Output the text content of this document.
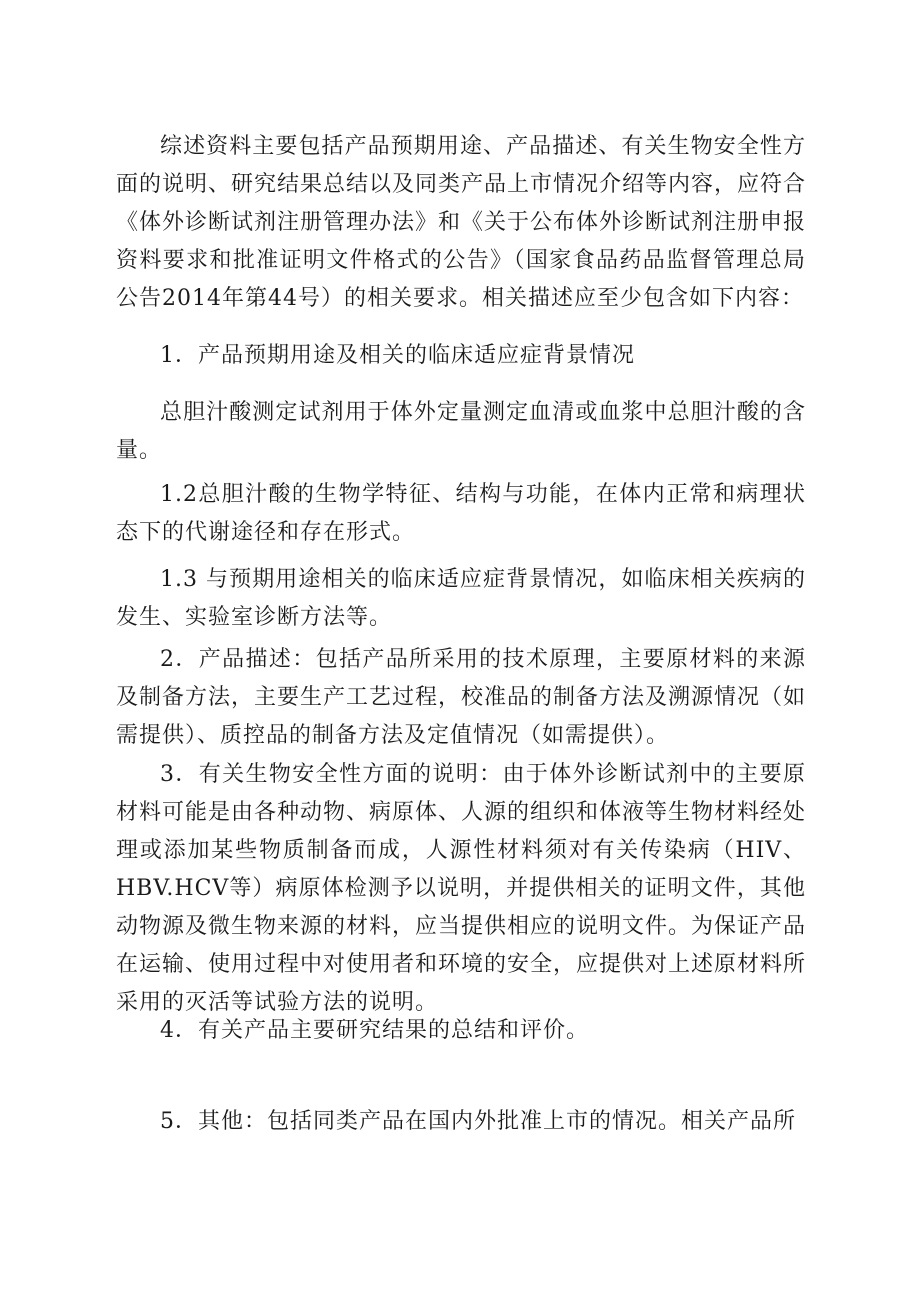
综述资料主要包括产品预期用途、产品描述、有关生物安全性方面的说明、研究结果总结以及同类产品上市情况介绍等内容，应符合《体外诊断试剂注册管理办法》和《关于公布体外诊断试剂注册申报资料要求和批准证明文件格式的公告》（国家食品药品监督管理总局公告2014年第44号）的相关要求。相关描述应至少包含如下内容：

1．产品预期用途及相关的临床适应症背景情况

总胆汁酸测定试剂用于体外定量测定血清或血浆中总胆汁酸的含量。

1.2总胆汁酸的生物学特征、结构与功能，在体内正常和病理状态下的代谢途径和存在形式。

1.3 与预期用途相关的临床适应症背景情况，如临床相关疾病的发生、实验室诊断方法等。

2．产品描述：包括产品所采用的技术原理，主要原材料的来源及制备方法，主要生产工艺过程，校准品的制备方法及溯源情况（如需提供）、质控品的制备方法及定值情况（如需提供）。

3．有关生物安全性方面的说明：由于体外诊断试剂中的主要原材料可能是由各种动物、病原体、人源的组织和体液等生物材料经处理或添加某些物质制备而成，人源性材料须对有关传染病（HIV、HBV.HCV等）病原体检测予以说明，并提供相关的证明文件，其他动物源及微生物来源的材料，应当提供相应的说明文件。为保证产品在运输、使用过程中对使用者和环境的安全，应提供对上述原材料所采用的灭活等试验方法的说明。

4．有关产品主要研究结果的总结和评价。

5．其他：包括同类产品在国内外批准上市的情况。相关产品所
